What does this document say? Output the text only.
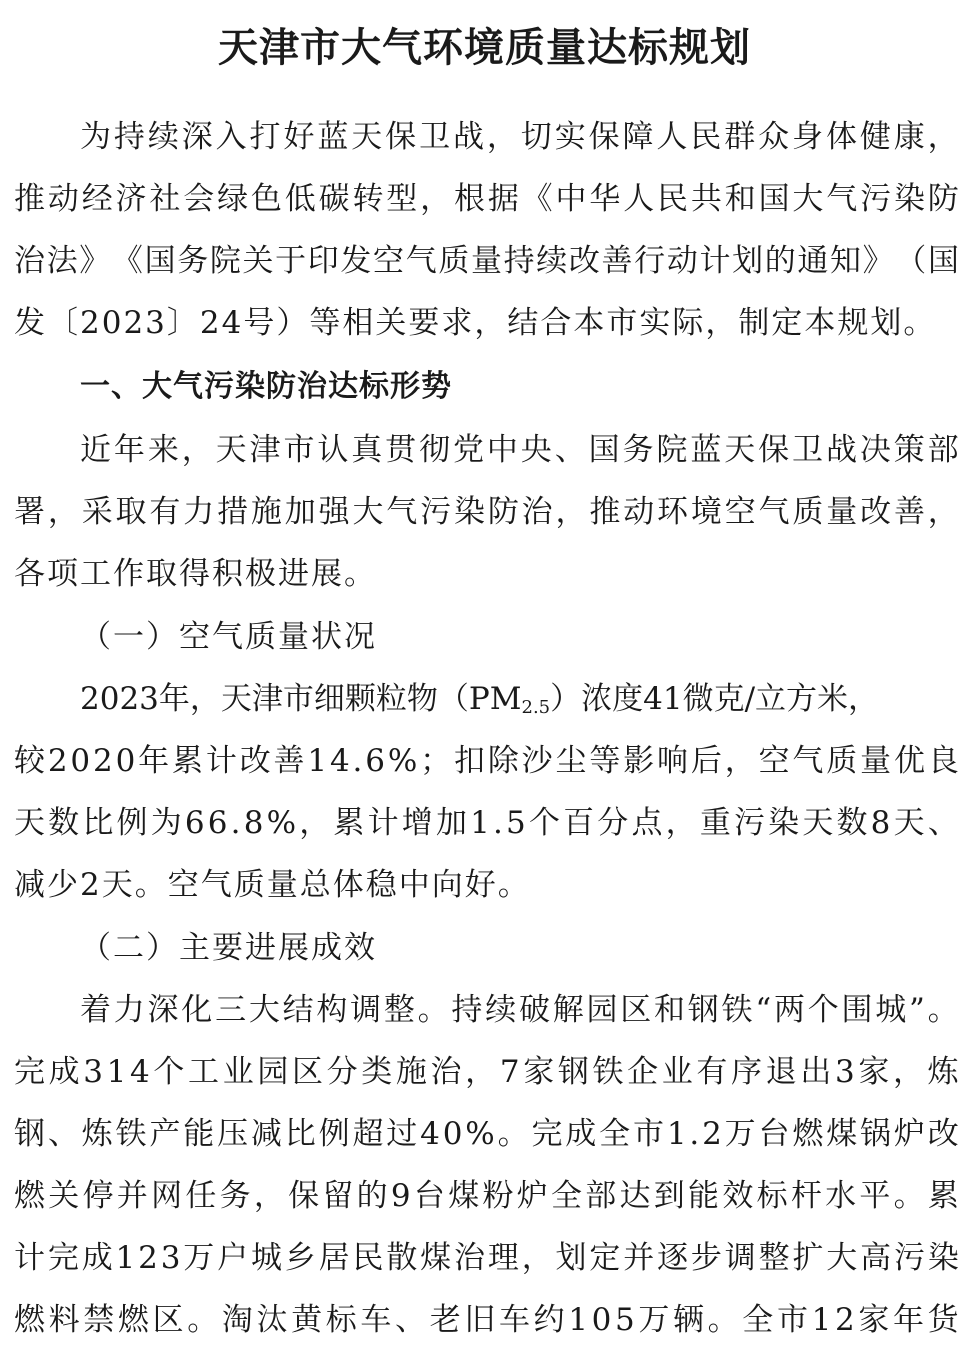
天津市大气环境质量达标规划

为 持 续 深 入 打 好 蓝 天 保 卫 战 ， 切 实 保 障 人 民 群 众 身 体 健 康 ，

推 动 经 济 社 会 绿 色 低 碳 转 型 ， 根 据 《 中 华 人 民 共 和 国 大 气 污 染 防

治 法 》 《 国 务 院 关 于 印 发 空 气 质 量 持 续 改 善 行 动 计 划 的 通 知 》 （ 国

发〔2023〕24号）等相关要求，结合本市实际，制定本规划。

一、大气污染防治达标形势

近 年 来 ， 天 津 市 认 真 贯 彻 党 中 央 、 国 务 院 蓝 天 保 卫 战 决 策 部

署 ， 采 取 有 力 措 施 加 强 大 气 污 染 防 治 ， 推 动 环 境 空 气 质 量 改 善 ，

各项工作取得积极进展。

（一）空气质量状况

2023年，天津市细颗粒物$(PM_{2.5})$浓度41微克/立方米，

较 2 0 2 0 年 累 计 改 善 1 4 . 6 % ； 扣 除 沙 尘 等 影 响 后 ， 空 气 质 量 优 良

天 数 比 例 为 6 6 . 8 % ， 累 计 增 加 1 . 5 个 百 分 点 ， 重 污 染 天 数 8 天 、

减少2天。空气质量总体稳中向好。

（二）主要进展成效

着 力 深 化 三 大 结 构 调 整 。 持 续 破 解 园 区 和 钢 铁 “ 两 个 围 城 ” 。

完 成 3 1 4 个 工 业 园 区 分 类 施 治 ， 7 家 钢 铁 企 业 有 序 退 出 3 家 ， 炼

钢 、 炼 铁 产 能 压 减 比 例 超 过 4 0 % 。 完 成 全 市 1 . 2 万 台 燃 煤 锅 炉 改

燃 关 停 并 网 任 务 ， 保 留 的 9 台 煤 粉 炉 全 部 达 到 能 效 标 杆 水 平 。 累

计 完 成 1 2 3 万 户 城 乡 居 民 散 煤 治 理 ， 划 定 并 逐 步 调 整 扩 大 高 污 染

燃 料 禁 燃 区 。 淘 汰 黄 标 车 、 老 旧 车 约 1 0 5 万 辆 。 全 市 1 2 家 年 货
